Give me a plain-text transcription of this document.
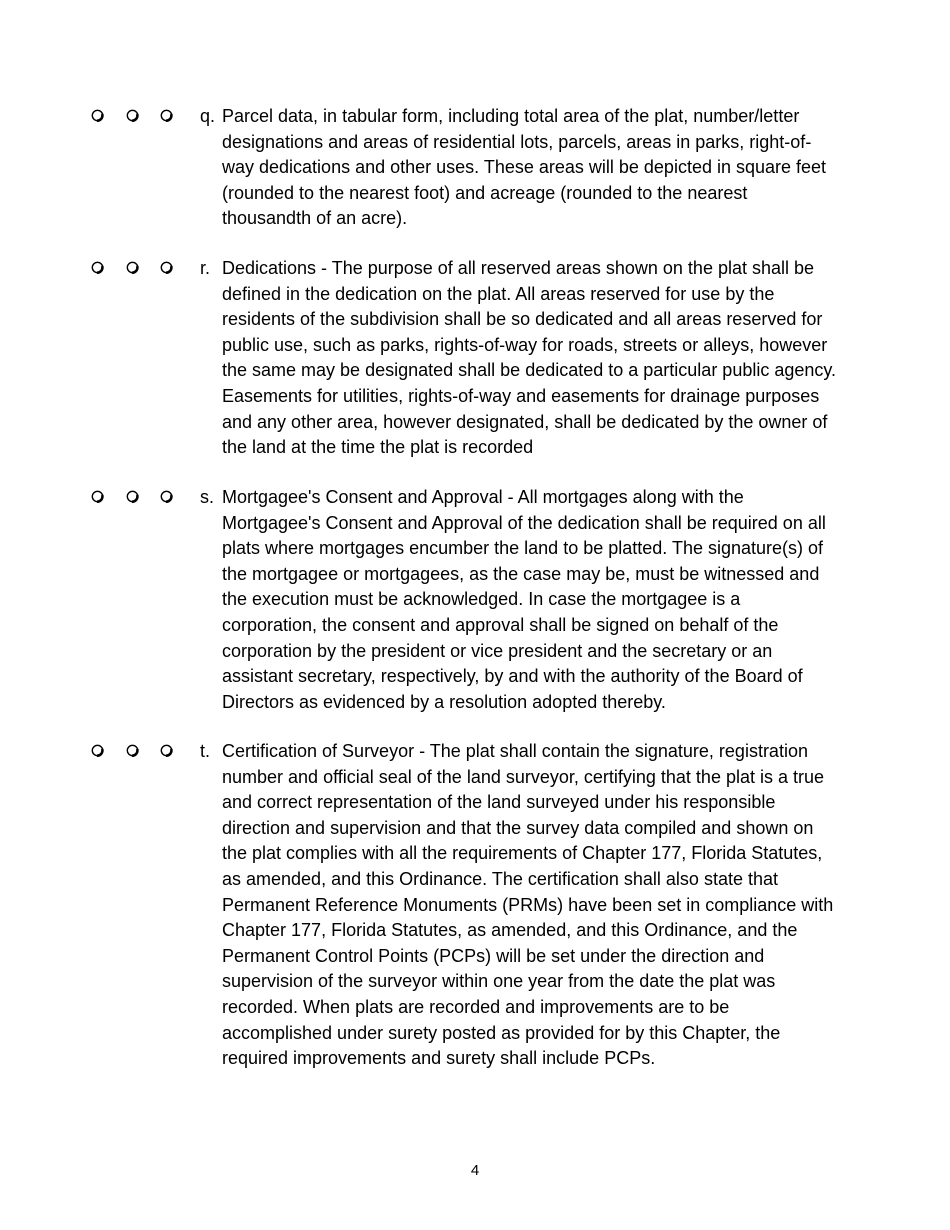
q. Parcel data, in tabular form, including total area of the plat, number/letter
designations and areas of residential lots, parcels, areas in parks, right-of-
way dedications and other uses. These areas will be depicted in square feet
(rounded to the nearest foot) and acreage (rounded to the nearest
thousandth of an acre).
r. Dedications - The purpose of all reserved areas shown on the plat shall be
defined in the dedication on the plat. All areas reserved for use by the
residents of the subdivision shall be so dedicated and all areas reserved for
public use, such as parks, rights-of-way for roads, streets or alleys, however
the same may be designated shall be dedicated to a particular public agency.
Easements for utilities, rights-of-way and easements for drainage purposes
and any other area, however designated, shall be dedicated by the owner of
the land at the time the plat is recorded
s. Mortgagee's Consent and Approval - All mortgages along with the
Mortgagee's Consent and Approval of the dedication shall be required on all
plats where mortgages encumber the land to be platted. The signature(s) of
the mortgagee or mortgagees, as the case may be, must be witnessed and
the execution must be acknowledged. In case the mortgagee is a
corporation, the consent and approval shall be signed on behalf of the
corporation by the president or vice president and the secretary or an
assistant secretary, respectively, by and with the authority of the Board of
Directors as evidenced by a resolution adopted thereby.
t. Certification of Surveyor - The plat shall contain the signature, registration
number and official seal of the land surveyor, certifying that the plat is a true
and correct representation of the land surveyed under his responsible
direction and supervision and that the survey data compiled and shown on
the plat complies with all the requirements of Chapter 177, Florida Statutes,
as amended, and this Ordinance. The certification shall also state that
Permanent Reference Monuments (PRMs) have been set in compliance with
Chapter 177, Florida Statutes, as amended, and this Ordinance, and the
Permanent Control Points (PCPs) will be set under the direction and
supervision of the surveyor within one year from the date the plat was
recorded. When plats are recorded and improvements are to be
accomplished under surety posted as provided for by this Chapter, the
required improvements and surety shall include PCPs.
4
